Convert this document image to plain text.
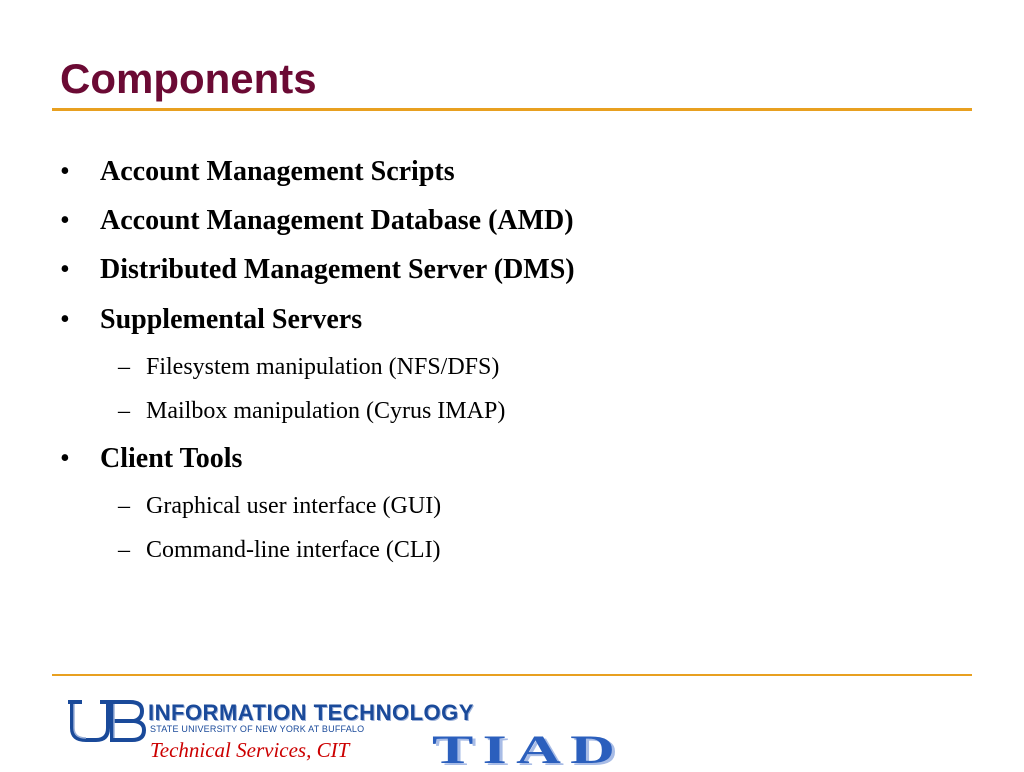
Components
• Account Management Scripts
• Account Management Database (AMD)
• Distributed Management Server (DMS)
• Supplemental Servers
– Filesystem manipulation (NFS/DFS)
– Mailbox manipulation (Cyrus IMAP)
• Client Tools
– Graphical user interface (GUI)
– Command-line interface (CLI)
INFORMATION TECHNOLOGY
STATE UNIVERSITY OF NEW YORK AT BUFFALO
Technical Services, CIT TIAD
